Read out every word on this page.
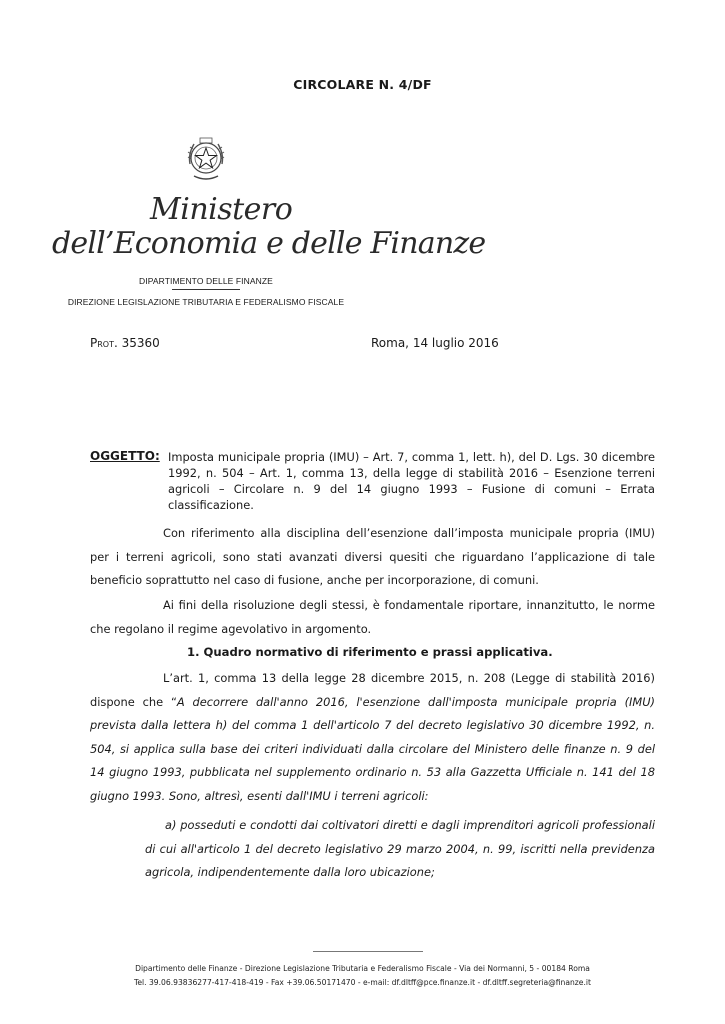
CIRCOLARE N. 4/DF
Ministero
dell’Economia e delle Finanze
DIPARTIMENTO DELLE FINANZE
DIREZIONE LEGISLAZIONE TRIBUTARIA E FEDERALISMO FISCALE
Prot. 35360	Roma, 14 luglio 2016
OGGETTO: Imposta municipale propria (IMU) – Art. 7, comma 1, lett. h), del D. Lgs. 30 dicembre 1992, n. 504 – Art. 1, comma 13, della legge di stabilità 2016 – Esenzione terreni agricoli – Circolare n. 9 del 14 giugno 1993 – Fusione di comuni – Errata classificazione.

Con riferimento alla disciplina dell’esenzione dall’imposta municipale propria (IMU) per i terreni agricoli, sono stati avanzati diversi quesiti che riguardano l’applicazione di tale beneficio soprattutto nel caso di fusione, anche per incorporazione, di comuni.

Ai fini della risoluzione degli stessi, è fondamentale riportare, innanzitutto, le norme che regolano il regime agevolativo in argomento.

1. Quadro normativo di riferimento e prassi applicativa.

L’art. 1, comma 13 della legge 28 dicembre 2015, n. 208 (Legge di stabilità 2016) dispone che “A decorrere dall'anno 2016, l'esenzione dall'imposta municipale propria (IMU) prevista dalla lettera h) del comma 1 dell'articolo 7 del decreto legislativo 30 dicembre 1992, n. 504, si applica sulla base dei criteri individuati dalla circolare del Ministero delle finanze n. 9 del 14 giugno 1993, pubblicata nel supplemento ordinario n. 53 alla Gazzetta Ufficiale n. 141 del 18 giugno 1993. Sono, altresì, esenti dall'IMU i terreni agricoli:

a) posseduti e condotti dai coltivatori diretti e dagli imprenditori agricoli professionali di cui all'articolo 1 del decreto legislativo 29 marzo 2004, n. 99, iscritti nella previdenza agricola, indipendentemente dalla loro ubicazione;

Dipartimento delle Finanze - Direzione Legislazione Tributaria e Federalismo Fiscale - Via dei Normanni, 5 - 00184 Roma
Tel. 39.06.93836277-417-418-419 - Fax +39.06.50171470 - e-mail: df.dltff@pce.finanze.it - df.dltff.segreteria@finanze.it
